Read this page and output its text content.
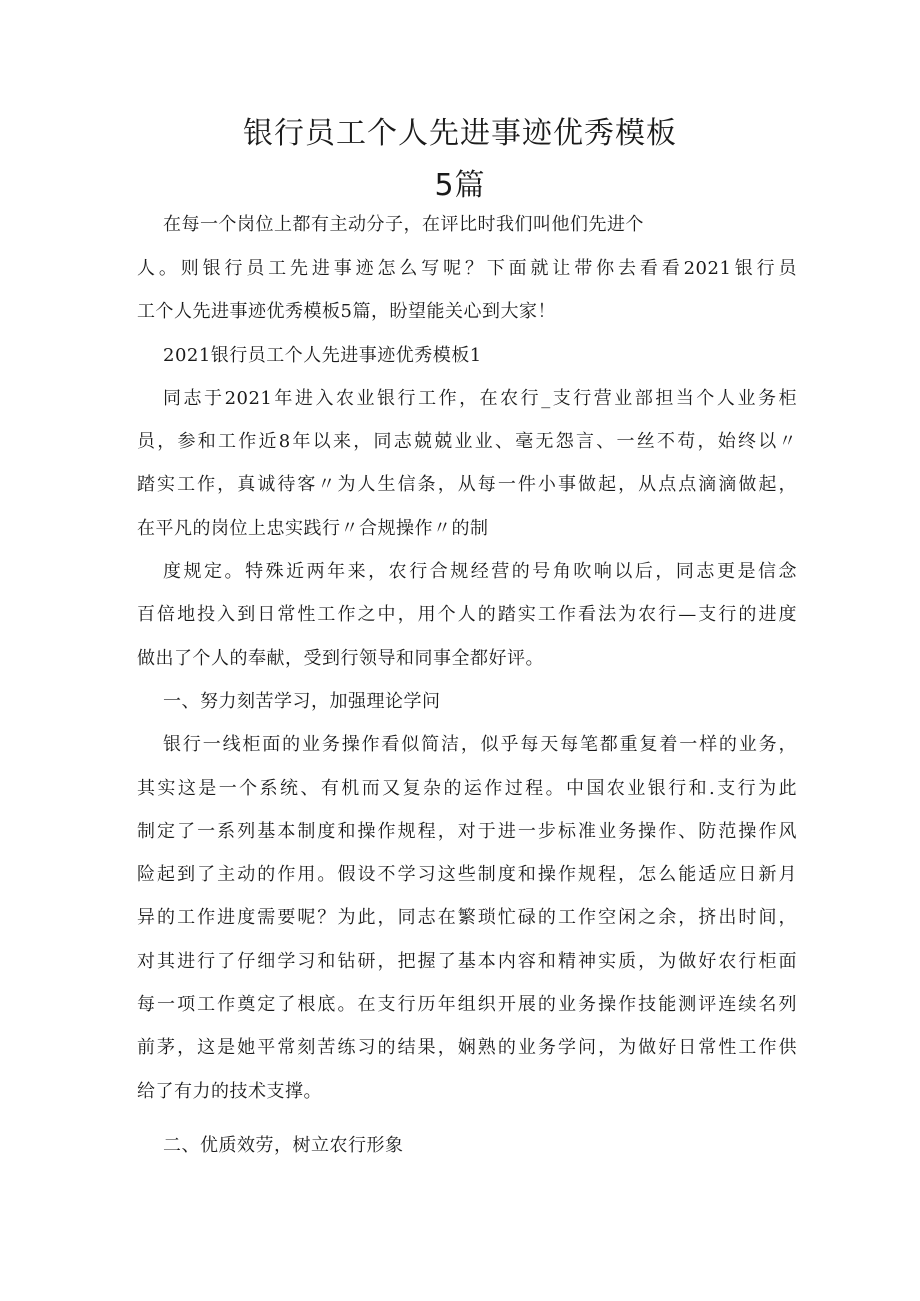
银行员工个人先进事迹优秀模板
5篇
在每一个岗位上都有主动分子，在评比时我们叫他们先进个
人。则银行员工先进事迹怎么写呢？下面就让带你去看看2021银行员
工个人先进事迹优秀模板5篇，盼望能关心到大家！
2021银行员工个人先进事迹优秀模板1
同志于2021年进入农业银行工作，在农行_支行营业部担当个人业务柜
员，参和工作近8年以来，同志兢兢业业、毫无怨言、一丝不苟，始终以〃
踏实工作，真诚待客〃为人生信条，从每一件小事做起，从点点滴滴做起，
在平凡的岗位上忠实践行〃合规操作〃的制
度规定。特殊近两年来，农行合规经营的号角吹响以后，同志更是信念
百倍地投入到日常性工作之中，用个人的踏实工作看法为农行—支行的进度
做出了个人的奉献，受到行领导和同事全都好评。
一、努力刻苦学习，加强理论学问
银行一线柜面的业务操作看似简洁，似乎每天每笔都重复着一样的业务，
其实这是一个系统、有机而又复杂的运作过程。中国农业银行和.支行为此
制定了一系列基本制度和操作规程，对于进一步标准业务操作、防范操作风
险起到了主动的作用。假设不学习这些制度和操作规程，怎么能适应日新月
异的工作进度需要呢？为此，同志在繁琐忙碌的工作空闲之余，挤出时间，
对其进行了仔细学习和钻研，把握了基本内容和精神实质，为做好农行柜面
每一项工作奠定了根底。在支行历年组织开展的业务操作技能测评连续名列
前茅，这是她平常刻苦练习的结果，娴熟的业务学问，为做好日常性工作供
给了有力的技术支撑。
二、优质效劳，树立农行形象
